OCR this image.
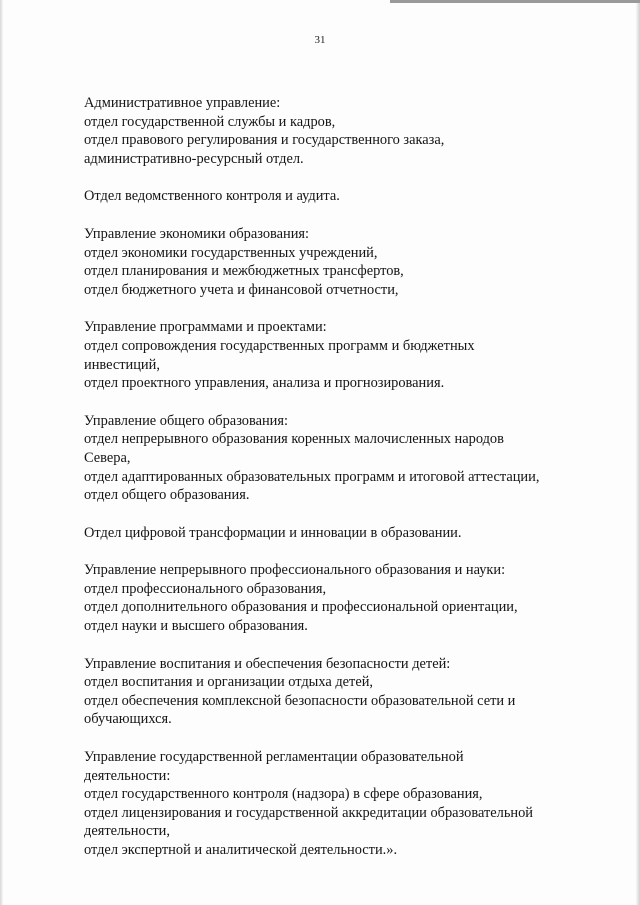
31
Административное управление:
отдел государственной службы и кадров,
отдел правового регулирования и государственного заказа,
административно-ресурсный отдел.
Отдел ведомственного контроля и аудита.
Управление экономики образования:
отдел экономики государственных учреждений,
отдел планирования и межбюджетных трансфертов,
отдел бюджетного учета и финансовой отчетности,
Управление программами и проектами:
отдел сопровождения государственных программ и бюджетных
инвестиций,
отдел проектного управления, анализа и прогнозирования.
Управление общего образования:
отдел непрерывного образования коренных малочисленных народов
Севера,
отдел адаптированных образовательных программ и итоговой аттестации,
отдел общего образования.
Отдел цифровой трансформации и инновации в образовании.
Управление непрерывного профессионального образования и науки:
отдел профессионального образования,
отдел дополнительного образования и профессиональной ориентации,
отдел науки и высшего образования.
Управление воспитания и обеспечения безопасности детей:
отдел воспитания и организации отдыха детей,
отдел обеспечения комплексной безопасности образовательной сети и
обучающихся.
Управление государственной регламентации образовательной
деятельности:
отдел государственного контроля (надзора) в сфере образования,
отдел лицензирования и государственной аккредитации образовательной
деятельности,
отдел экспертной и аналитической деятельности.».
